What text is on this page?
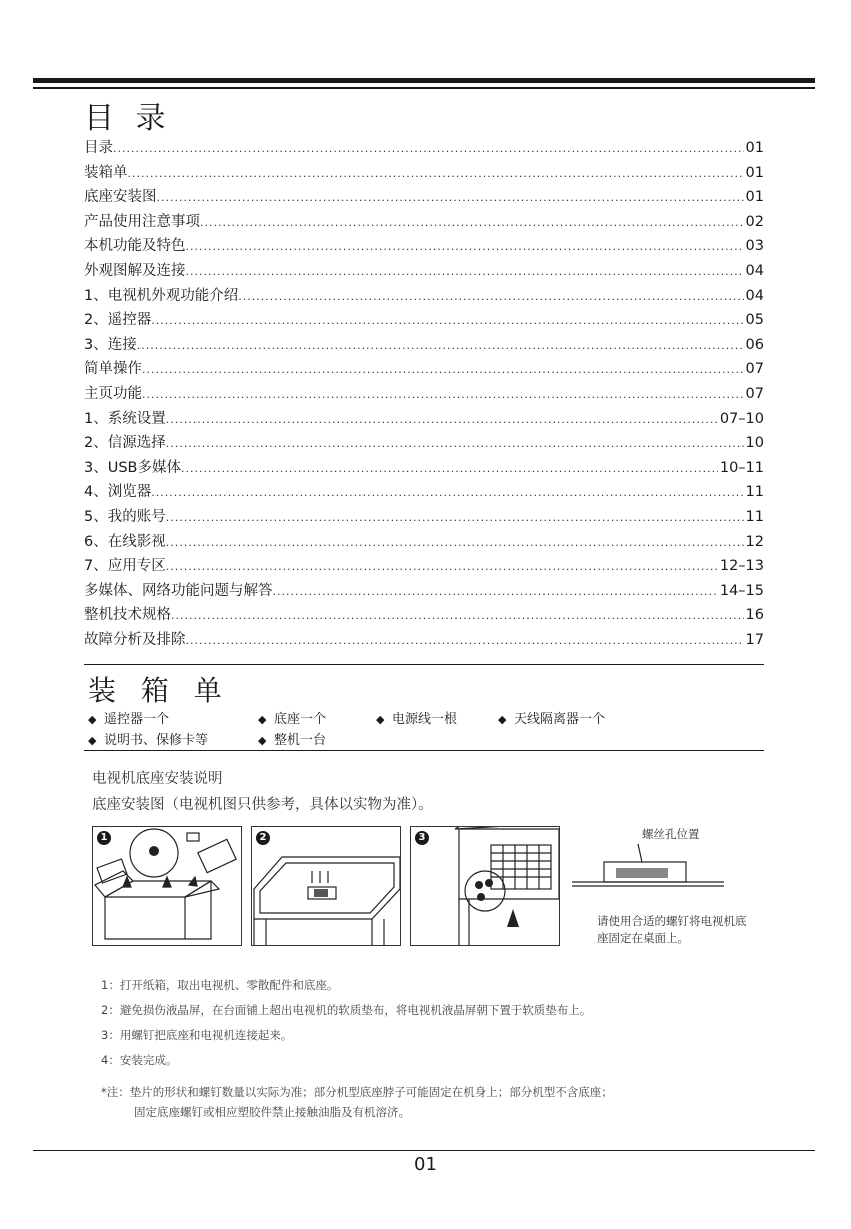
目 录
目录 .....	01
装箱单 .....	01
底座安装图 .....	01
产品使用注意事项 .....	02
本机功能及特色 .....	03
外观图解及连接 .....	04
1、电视机外观功能介绍 .....	04
2、遥控器 .....	05
3、连接 .....	06
简单操作 .....	07
主页功能 .....	07
1、系统设置 .....	07–10
2、信源选择 .....	10
3、USB多媒体 .....	10–11
4、浏览器 .....	11
5、我的账号 .....	11
6、在线影视 .....	12
7、应用专区 .....	12–13
多媒体、网络功能问题与解答 .....	14–15
整机技术规格 .....	16
故障分析及排除 .....	17
装 箱 单
◆ 遥控器一个	◆ 底座一个	◆ 电源线一根	◆ 天线隔离器一个
◆ 说明书、保修卡等	◆ 整机一台
电视机底座安装说明
底座安装图（电视机图只供参考，具体以实物为准）。
1	2	3	螺丝孔位置
请使用合适的螺钉将电视机底座固定在桌面上。
1：打开纸箱，取出电视机、零散配件和底座。
2：避免损伤液晶屏，在台面铺上超出电视机的软质垫布，将电视机液晶屏朝下置于软质垫布上。
3：用螺钉把底座和电视机连接起来。
4：安装完成。
*注：垫片的形状和螺钉数量以实际为准；部分机型底座脖子可能固定在机身上；部分机型不含底座；
固定底座螺钉或相应塑胶件禁止接触油脂及有机溶济。
01
